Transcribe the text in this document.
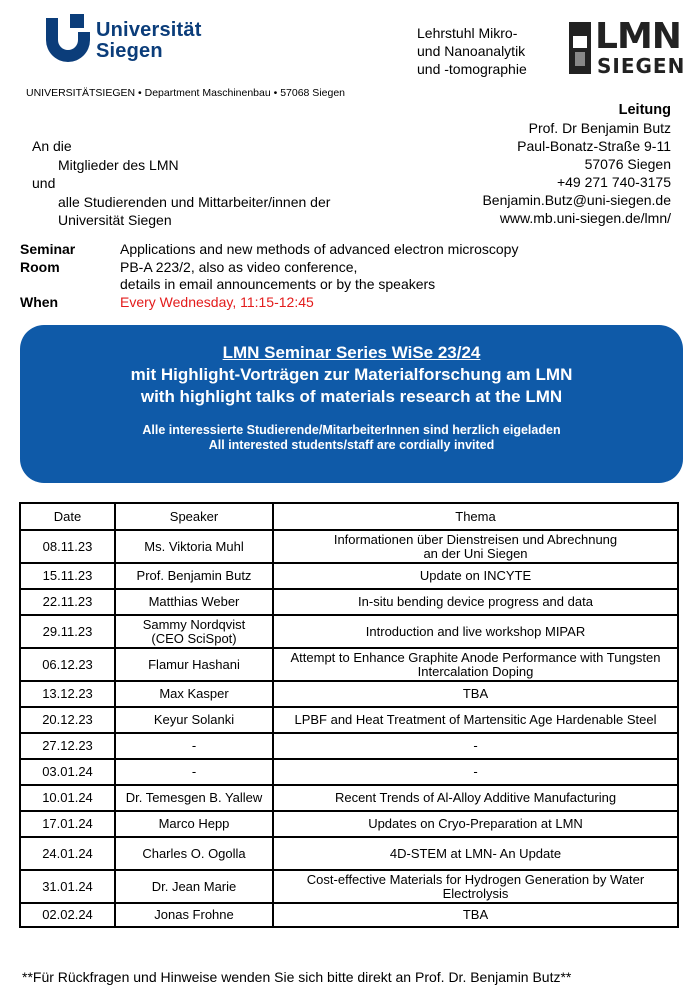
Universität
Siegen
Lehrstuhl Mikro-
und Nanoanalytik
und -tomographie
LMN
SIEGEN
UNIVERSITÄTSIEGEN • Department Maschinenbau • 57068 Siegen
Leitung
Prof. Dr Benjamin Butz
Paul-Bonatz-Straße 9-11
57076 Siegen
+49 271 740-3175
Benjamin.Butz@uni-siegen.de
www.mb.uni-siegen.de/lmn/
An die
Mitglieder des LMN
und
alle Studierenden und Mittarbeiter/innen der
Universität Siegen
Seminar	Applications and new methods of advanced electron microscopy
Room	PB-A 223/2, also as video conference,
details in email announcements or by the speakers
When	Every Wednesday, 11:15-12:45
LMN Seminar Series WiSe 23/24
mit Highlight-Vorträgen zur Materialforschung am LMN
with highlight talks of materials research at the LMN
Alle interessierte Studierende/MitarbeiterInnen sind herzlich eigeladen
All interested students/staff are cordially invited
Date	Speaker	Thema

08.11.23	Ms. Viktoria Muhl	Informationen über Dienstreisen und Abrechnung
an der Uni Siegen

15.11.23	Prof. Benjamin Butz	Update on INCYTE

22.11.23	Matthias Weber	In-situ bending device progress and data

29.11.23	Sammy Nordqvist
(CEO SciSpot)	Introduction and live workshop MIPAR

06.12.23	Flamur Hashani	Attempt to Enhance Graphite Anode Performance with Tungsten
Intercalation Doping

13.12.23	Max Kasper	TBA

20.12.23	Keyur Solanki	LPBF and Heat Treatment of Martensitic Age Hardenable Steel

27.12.23	-	-

03.01.24	-	-

10.01.24	Dr. Temesgen B. Yallew	Recent Trends of Al-Alloy Additive Manufacturing

17.01.24	Marco Hepp	Updates on Cryo-Preparation at LMN

24.01.24	Charles O. Ogolla	4D-STEM at LMN- An Update

31.01.24	Dr. Jean Marie	Cost-effective Materials for Hydrogen Generation by Water
Electrolysis

02.02.24	Jonas Frohne	TBA
**Für Rückfragen und Hinweise wenden Sie sich bitte direkt an Prof. Dr. Benjamin Butz**
